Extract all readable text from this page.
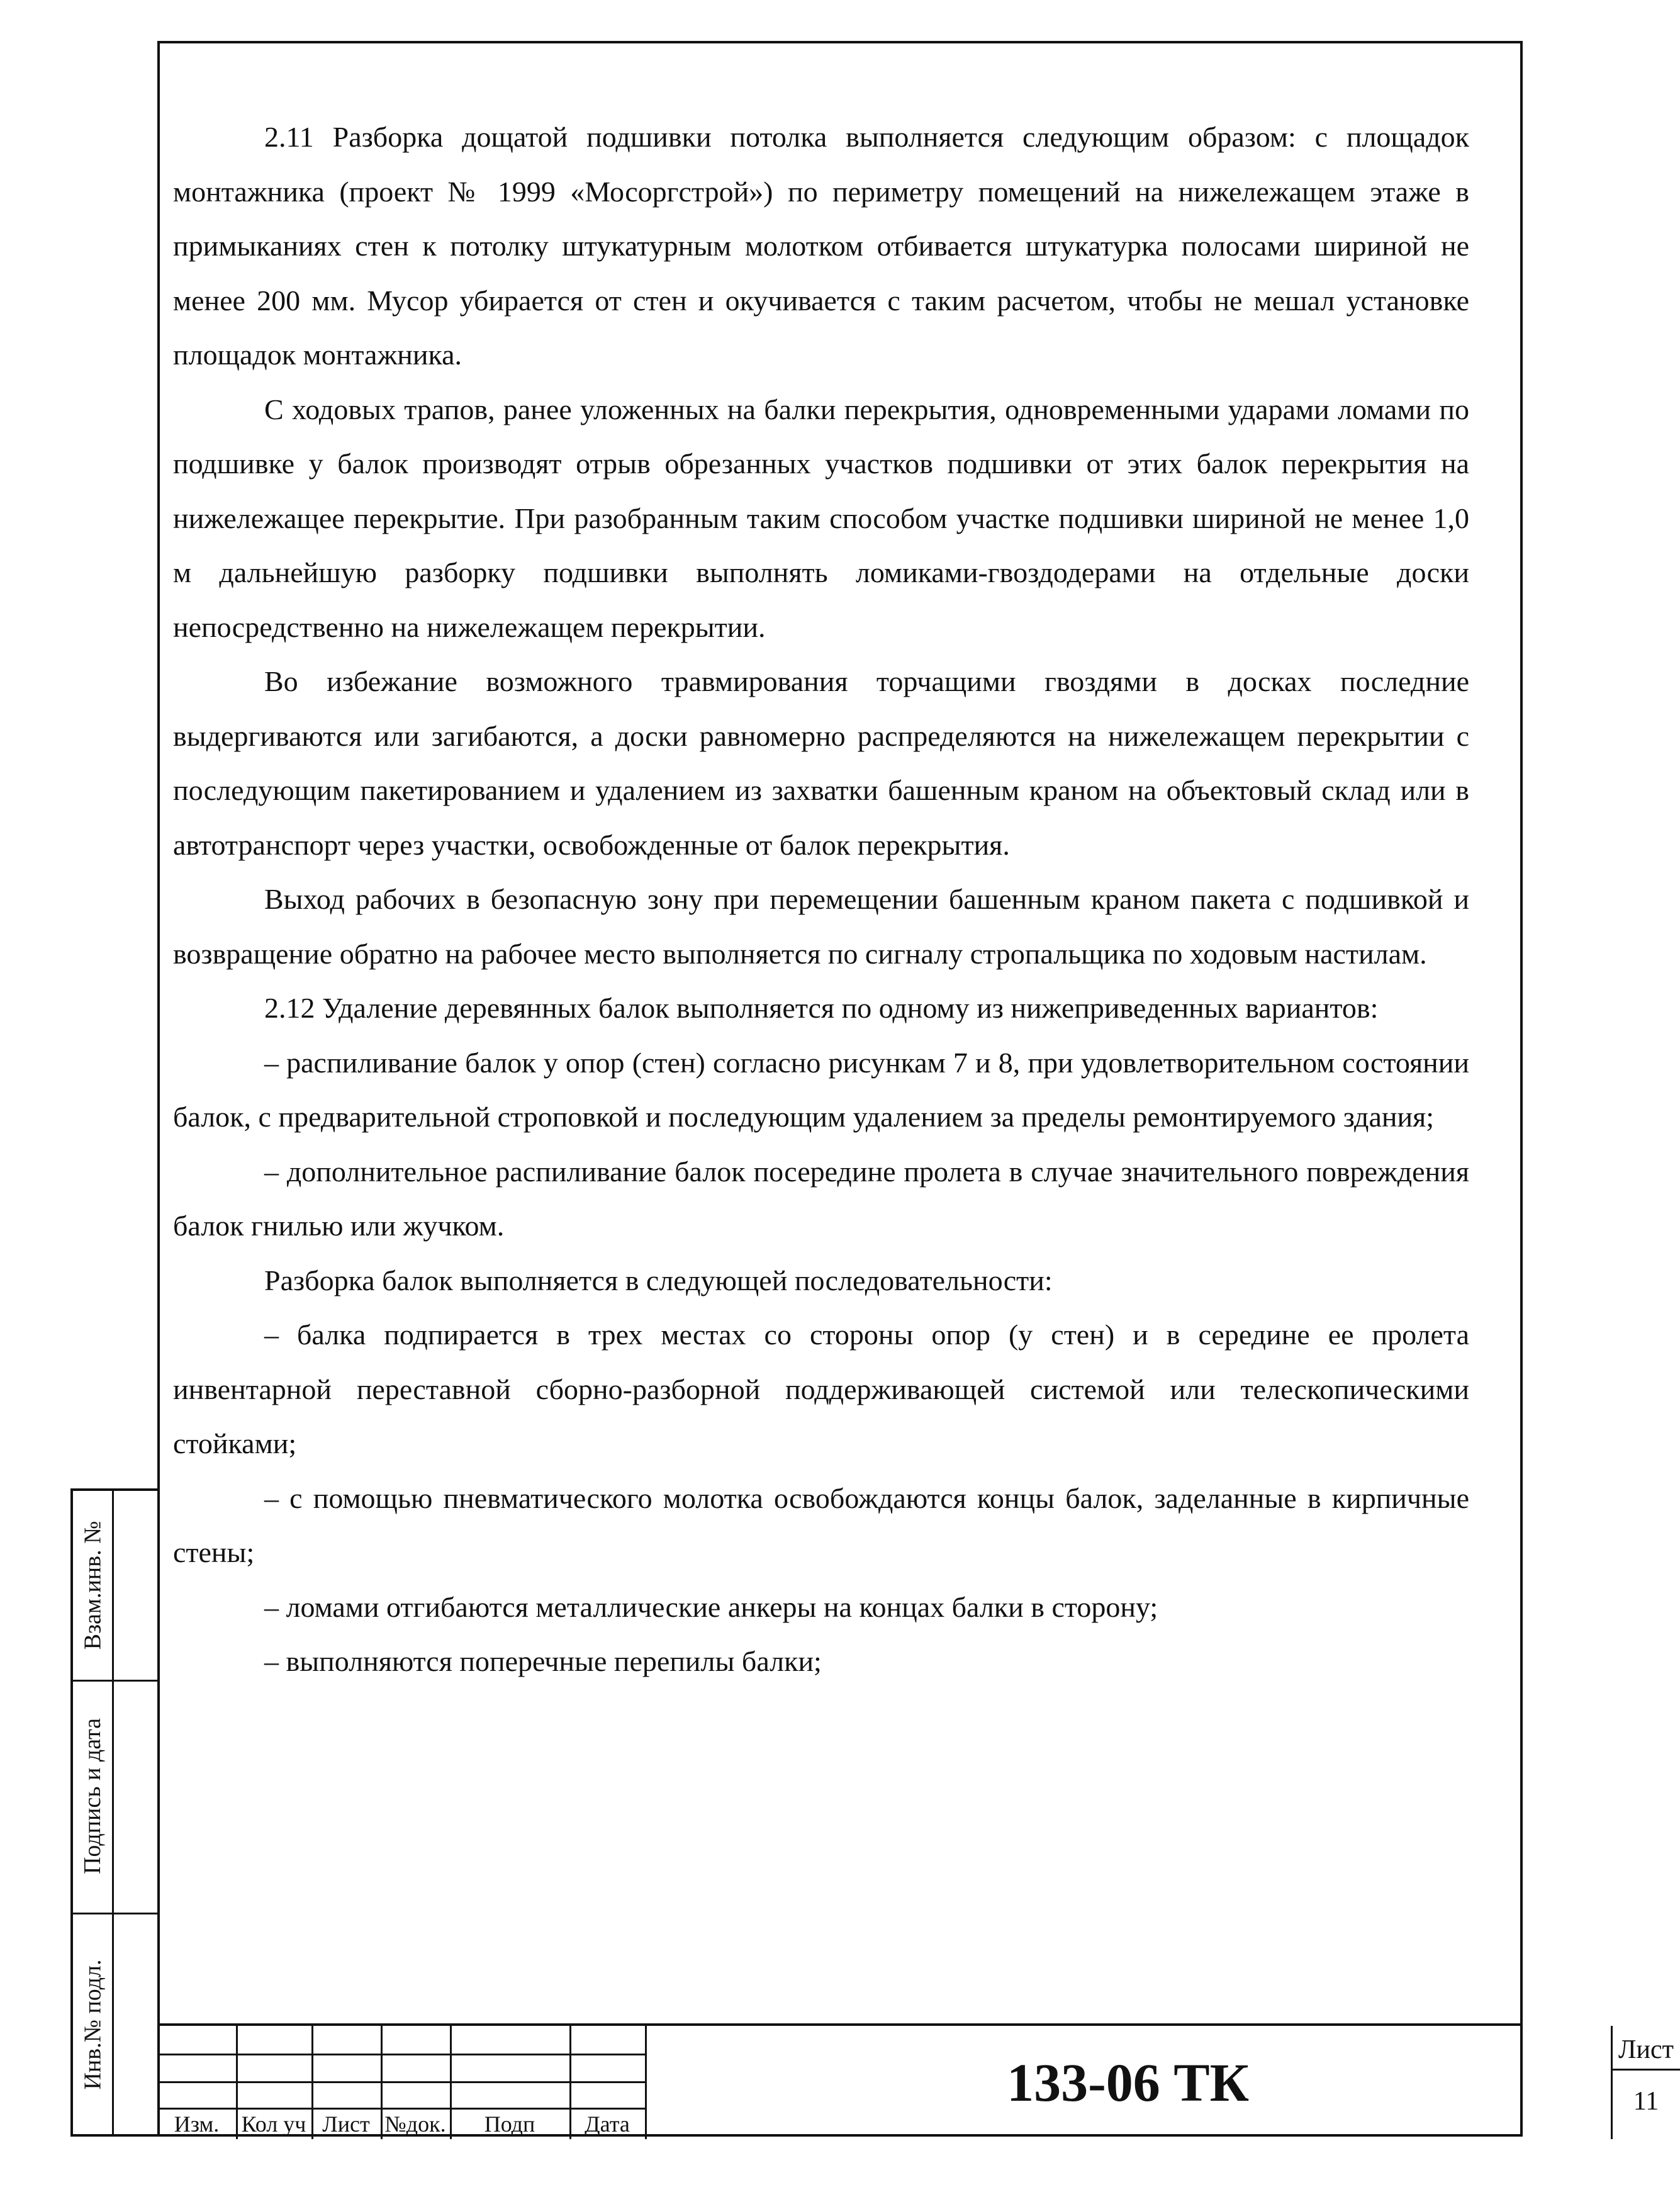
2.11 Разборка дощатой подшивки потолка выполняется следующим образом: с площадок монтажника (проект № 1999 «Мосоргстрой») по периметру помещений на нижележащем этаже в примыканиях стен к потолку штукатурным молотком отбивается штукатурка полосами шириной не менее 200 мм. Мусор убирается от стен и окучивается с таким расчетом, чтобы не мешал установке площадок монтажника.

С ходовых трапов, ранее уложенных на балки перекрытия, одновременными ударами ломами по подшивке у балок производят отрыв обрезанных участков подшивки от этих балок перекрытия на нижележащее перекрытие. При разобранным таким способом участке подшивки шириной не менее 1,0 м дальнейшую разборку подшивки выполнять ломиками-гвоздодерами на отдельные доски непосредственно на нижележащем перекрытии.

Во избежание возможного травмирования торчащими гвоздями в досках последние выдергиваются или загибаются, а доски равномерно распределяются на нижележащем перекрытии с последующим пакетированием и удалением из захватки башенным краном на объектовый склад или в автотранспорт через участки, освобожденные от балок перекрытия.

Выход рабочих в безопасную зону при перемещении башенным краном пакета с подшивкой и возвращение обратно на рабочее место выполняется по сигналу стропальщика по ходовым настилам.

2.12 Удаление деревянных балок выполняется по одному из нижеприведенных вариантов:

– распиливание балок у опор (стен) согласно рисункам 7 и 8, при удовлетворительном состоянии балок, с предварительной строповкой и последующим удалением за пределы ремонтируемого здания;

– дополнительное распиливание балок посередине пролета в случае значительного повреждения балок гнилью или жучком.

Разборка балок выполняется в следующей последовательности:

– балка подпирается в трех местах со стороны опор (у стен) и в середине ее пролета инвентарной переставной сборно-разборной поддерживающей системой или телескопическими стойками;

– с помощью пневматического молотка освобождаются концы балок, заделанные в кирпичные стены;

– ломами отгибаются металлические анкеры на концах балки в сторону;

– выполняются поперечные перепилы балки;

Взам.инв. №
Подпись и дата
Инв.№ подл.
Изм. Кол уч Лист №док.	Подп	Дата
133-06 ТК
Лист
11
